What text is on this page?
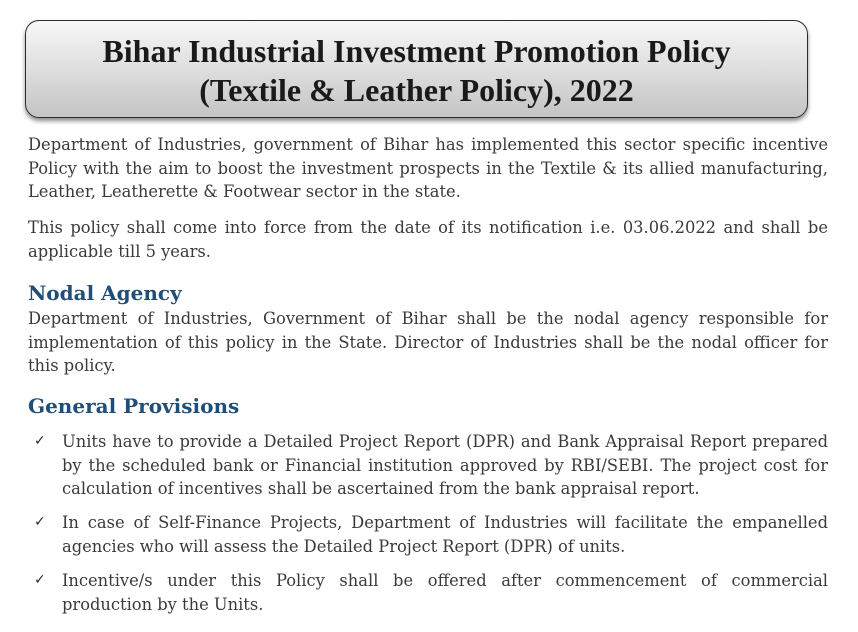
Bihar Industrial Investment Promotion Policy
(Textile & Leather Policy), 2022

Department of Industries, government of Bihar has implemented this sector specific incentive
Policy with the aim to boost the investment prospects in the Textile & its allied manufacturing,
Leather, Leatherette & Footwear sector in the state.

This policy shall come into force from the date of its notification i.e. 03.06.2022 and shall be
applicable till 5 years.

Nodal Agency

Department of Industries, Government of Bihar shall be the nodal agency responsible for
implementation of this policy in the State. Director of Industries shall be the nodal officer for
this policy.

General Provisions
✓ Units have to provide a Detailed Project Report (DPR) and Bank Appraisal Report prepared
by the scheduled bank or Financial institution approved by RBI/SEBI. The project cost for
calculation of incentives shall be ascertained from the bank appraisal report.
✓ In case of Self-Finance Projects, Department of Industries will facilitate the empanelled
agencies who will assess the Detailed Project Report (DPR) of units.
✓ Incentive/s under this Policy shall be offered after commencement of commercial
production by the Units.
